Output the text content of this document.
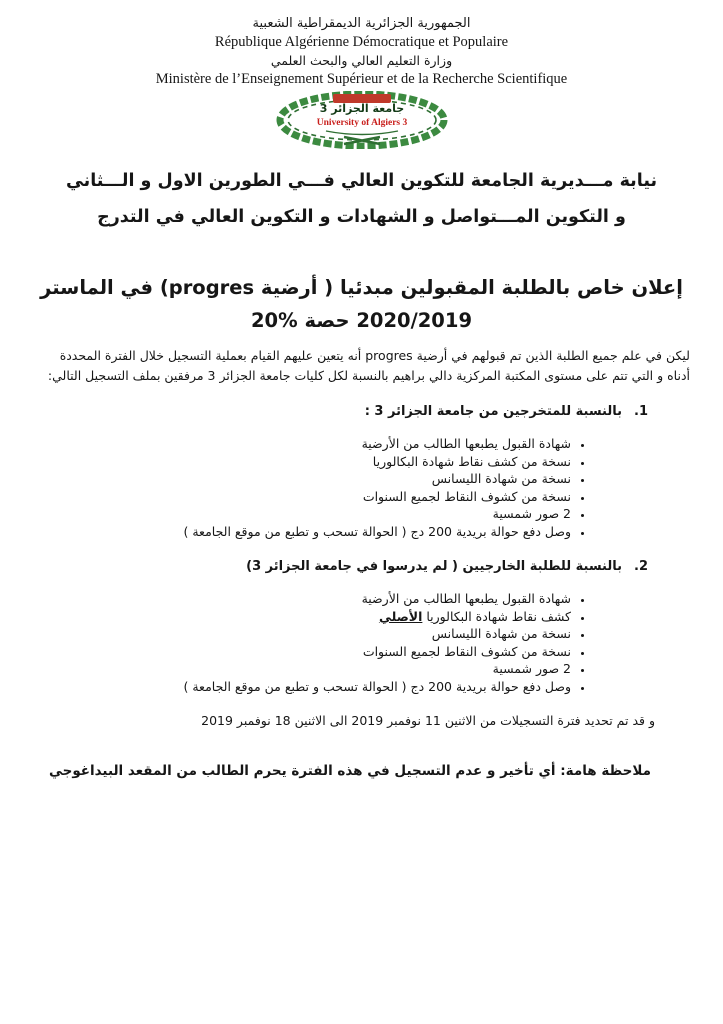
الجمهورية الجزائرية الديمقراطية الشعبية
République Algérienne Démocratique et Populaire
وزارة التعليم العالي والبحث العلمي
Ministère de l’Enseignement Supérieur et de la Recherche Scientifique
جامعة الجزائر 3
University of Algiers 3
نيابة مـــديرية الجامعة للتكوين العالي فـــي الطورين الاول و الـــثاني
و التكوين المـــتواصل و الشهادات و التكوين العالي في التدرج
إعلان خاص بالطلبة المقبولين مبدئيا ( أرضية progres) في الماستر
2020/2019 حصة %20

ليكن في علم جميع الطلبة الذين تم قبولهم في أرضية progres أنه يتعين عليهم القيام بعملية التسجيل خلال الفترة المحددة أدناه و التي تتم على مستوى المكتبة المركزية دالي براهيم بالنسبة لكل كليات جامعة الجزائر 3 مرفقين بملف التسجيل التالي:

1.بالنسبة للمتخرجين من جامعة الجزائر 3 :
• شهادة القبول يطبعها الطالب من الأرضية
• نسخة من كشف نقاط شهادة البكالوريا
• نسخة من شهادة الليسانس
• نسخة من كشوف النقاط لجميع السنوات
• 2 صور شمسية
• وصل دفع حوالة بريدية 200 دج ( الحوالة تسحب و تطبع من موقع الجامعة )
2.بالنسبة للطلبة الخارجيين ( لم يدرسوا في جامعة الجزائر 3)
• شهادة القبول يطبعها الطالب من الأرضية
• كشف نقاط شهادة البكالوريا الأصلي
• نسخة من شهادة الليسانس
• نسخة من كشوف النقاط لجميع السنوات
• 2 صور شمسية
• وصل دفع حوالة بريدية 200 دج ( الحوالة تسحب و تطبع من موقع الجامعة )
و قد تم تحديد فترة التسجيلات من الاثنين 11 نوفمبر 2019 الى الاثنين 18 نوفمبر 2019
ملاحظة هامة: أي تأخير و عدم التسجيل في هذه الفترة يحرم الطالب من المقعد البيداغوجي
